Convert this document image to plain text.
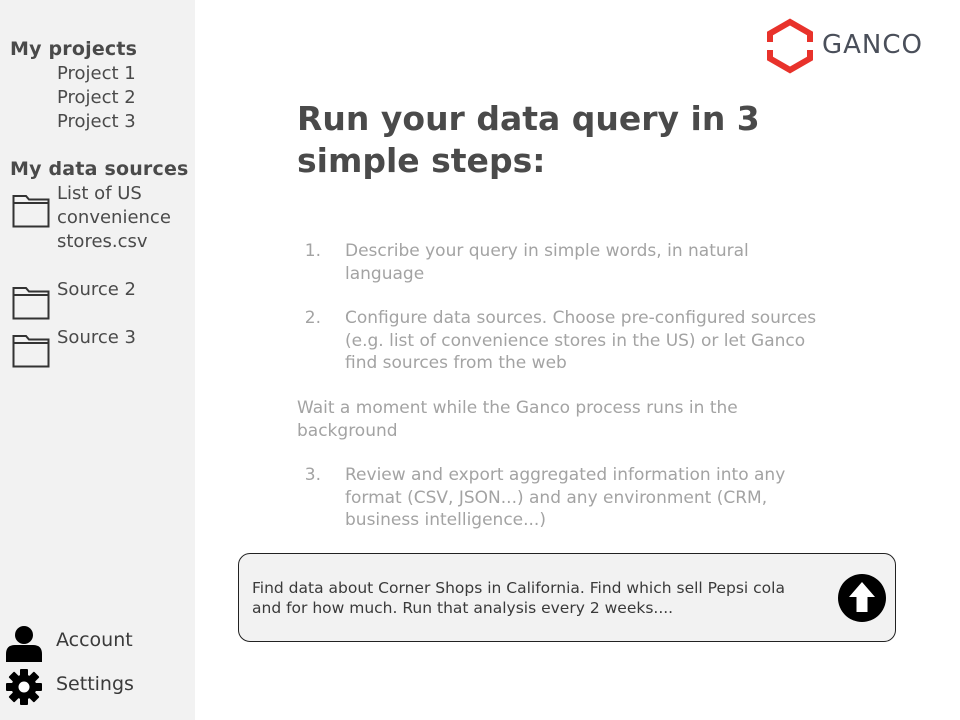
My projects
Project 1
Project 2
Project 3
My data sources
List of US convenience stores.csv
Source 2
Source 3
Account
Settings
GANCO
Run your data query in 3 simple steps:
1. Describe your query in simple words, in natural language
2. Configure data sources. Choose pre-configured sources (e.g. list of convenience stores in the US) or let Ganco find sources from the web
Wait a moment while the Ganco process runs in the background
3. Review and export aggregated information into any format (CSV, JSON...) and any environment (CRM, business intelligence...)
Find data about Corner Shops in California. Find which sell Pepsi cola and for how much. Run that analysis every 2 weeks....
